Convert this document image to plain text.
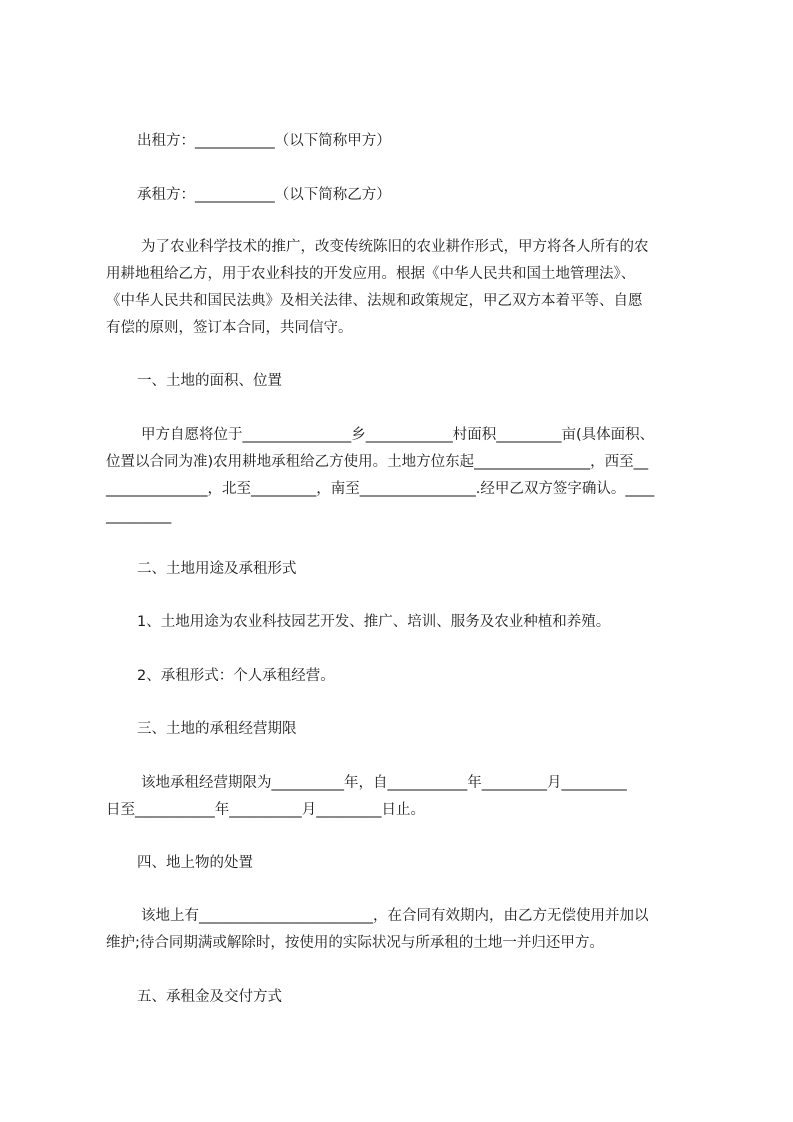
出租方：___________（以下简称甲方）
承租方：___________（以下简称乙方）
为了农业科学技术的推广，改变传统陈旧的农业耕作形式，甲方将各人所有的农
用耕地租给乙方，用于农业科技的开发应用。根据《中华人民共和国土地管理法》、
《中华人民共和国民法典》及相关法律、法规和政策规定，甲乙双方本着平等、自愿
有偿的原则，签订本合同，共同信守。
一、土地的面积、位置
甲方自愿将位于_______________乡____________村面积_________亩(具体面积、
位置以合同为准)农用耕地承租给乙方使用。土地方位东起________________，西至__
______________，北至_________，南至________________.经甲乙双方签字确认。____
_________
二、土地用途及承租形式
1、土地用途为农业科技园艺开发、推广、培训、服务及农业种植和养殖。
2、承租形式：个人承租经营。
三、土地的承租经营期限
该地承租经营期限为__________年，自___________年_________月_________
日至___________年__________月_________日止。
四、地上物的处置
该地上有________________________，在合同有效期内，由乙方无偿使用并加以
维护;待合同期满或解除时，按使用的实际状况与所承租的土地一并归还甲方。
五、承租金及交付方式
